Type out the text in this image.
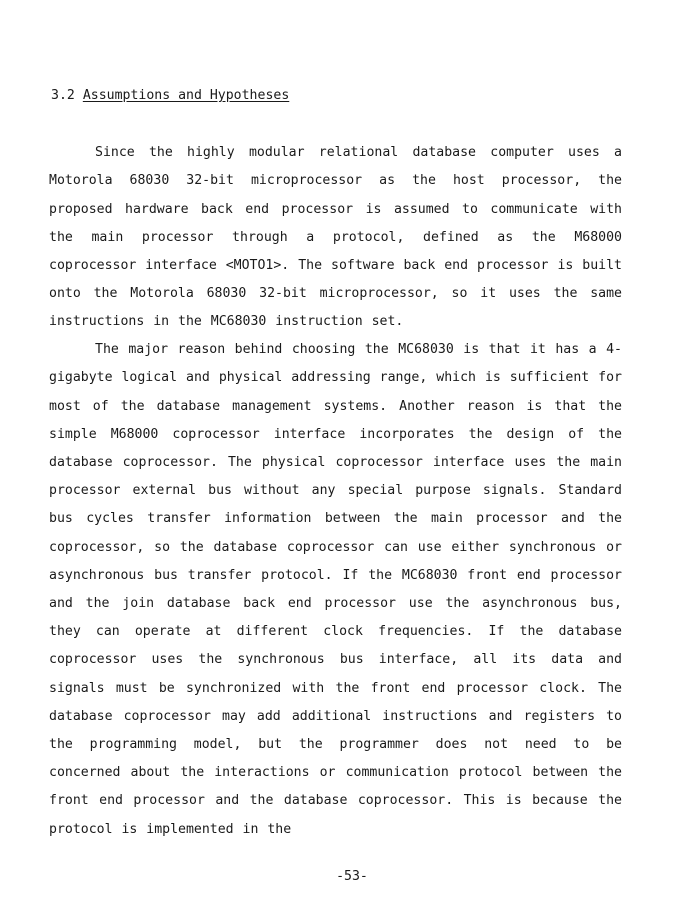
3.2 Assumptions and Hypotheses

Since the highly modular relational database computer uses a Motorola 68030 32-bit microprocessor as the host processor, the proposed hardware back end processor is assumed to communicate with the main processor through a protocol, defined as the M68000 coprocessor interface <MOTO1>. The software back end processor is built onto the Motorola 68030 32-bit microprocessor, so it uses the same instructions in the MC68030 instruction set.

The major reason behind choosing the MC68030 is that it has a 4-gigabyte logical and physical addressing range, which is sufficient for most of the database management systems. Another reason is that the simple M68000 coprocessor interface incorporates the design of the database coprocessor. The physical coprocessor interface uses the main processor external bus without any special purpose signals. Standard bus cycles transfer information between the main processor and the coprocessor, so the database coprocessor can use either synchronous or asynchronous bus transfer protocol. If the MC68030 front end processor and the join database back end processor use the asynchronous bus, they can operate at different clock frequencies. If the database coprocessor uses the synchronous bus interface, all its data and signals must be synchronized with the front end processor clock. The database coprocessor may add additional instructions and registers to the programming model, but the programmer does not need to be concerned about the interactions or communication protocol between the front end processor and the database coprocessor. This is because the protocol is implemented in the

-53-
